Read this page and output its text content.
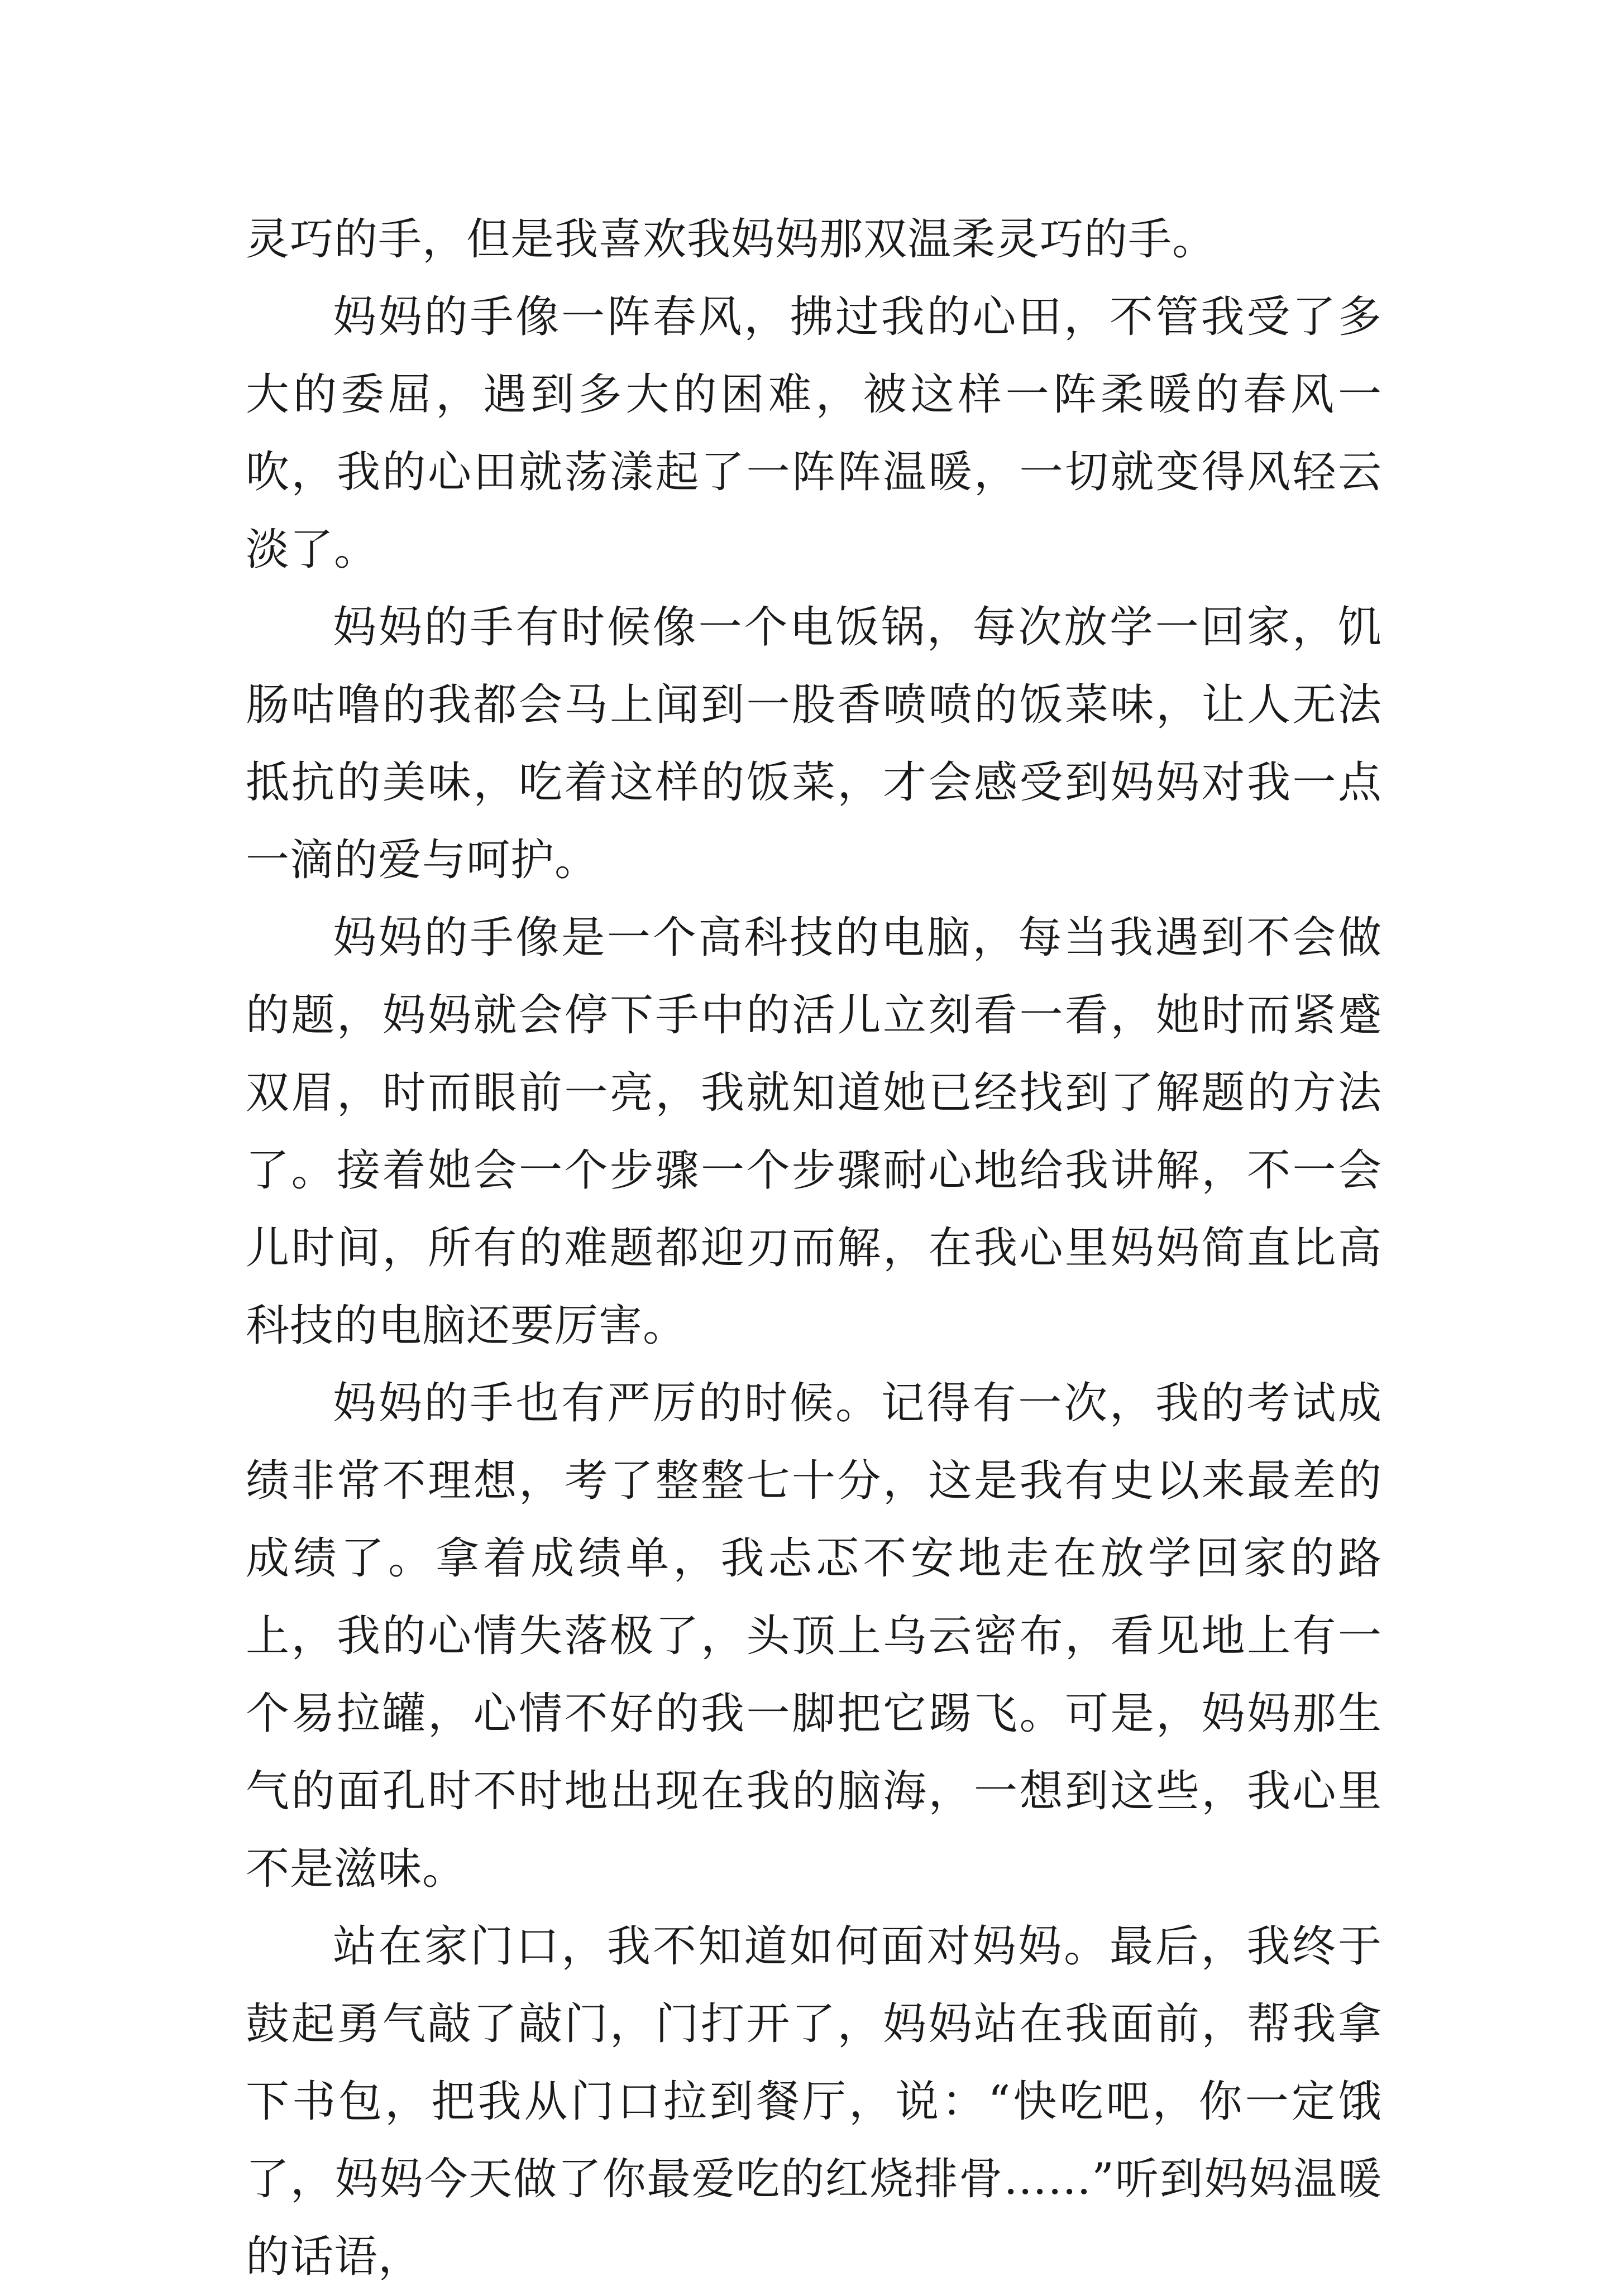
灵巧的手，但是我喜欢我妈妈那双温柔灵巧的手。

妈妈的手像一阵春风，拂过我的心田，不管我受了多大的委屈，遇到多大的困难，被这样一阵柔暖的春风一吹，我的心田就荡漾起了一阵阵温暖，一切就变得风轻云淡了。

妈妈的手有时候像一个电饭锅，每次放学一回家，饥肠咕噜的我都会马上闻到一股香喷喷的饭菜味，让人无法抵抗的美味，吃着这样的饭菜，才会感受到妈妈对我一点一滴的爱与呵护。

妈妈的手像是一个高科技的电脑，每当我遇到不会做的题，妈妈就会停下手中的活儿立刻看一看，她时而紧蹙双眉，时而眼前一亮，我就知道她已经找到了解题的方法了。接着她会一个步骤一个步骤耐心地给我讲解，不一会儿时间，所有的难题都迎刃而解，在我心里妈妈简直比高科技的电脑还要厉害。

妈妈的手也有严厉的时候。记得有一次，我的考试成绩非常不理想，考了整整七十分，这是我有史以来最差的成绩了。拿着成绩单，我忐忑不安地走在放学回家的路上，我的心情失落极了，头顶上乌云密布，看见地上有一个易拉罐，心情不好的我一脚把它踢飞。可是，妈妈那生气的面孔时不时地出现在我的脑海，一想到这些，我心里不是滋味。

站在家门口，我不知道如何面对妈妈。最后，我终于鼓起勇气敲了敲门，门打开了，妈妈站在我面前，帮我拿下书包，把我从门口拉到餐厅，说：“快吃吧，你一定饿了，妈妈今天做了你最爱吃的红烧排骨……”听到妈妈温暖的话语，
